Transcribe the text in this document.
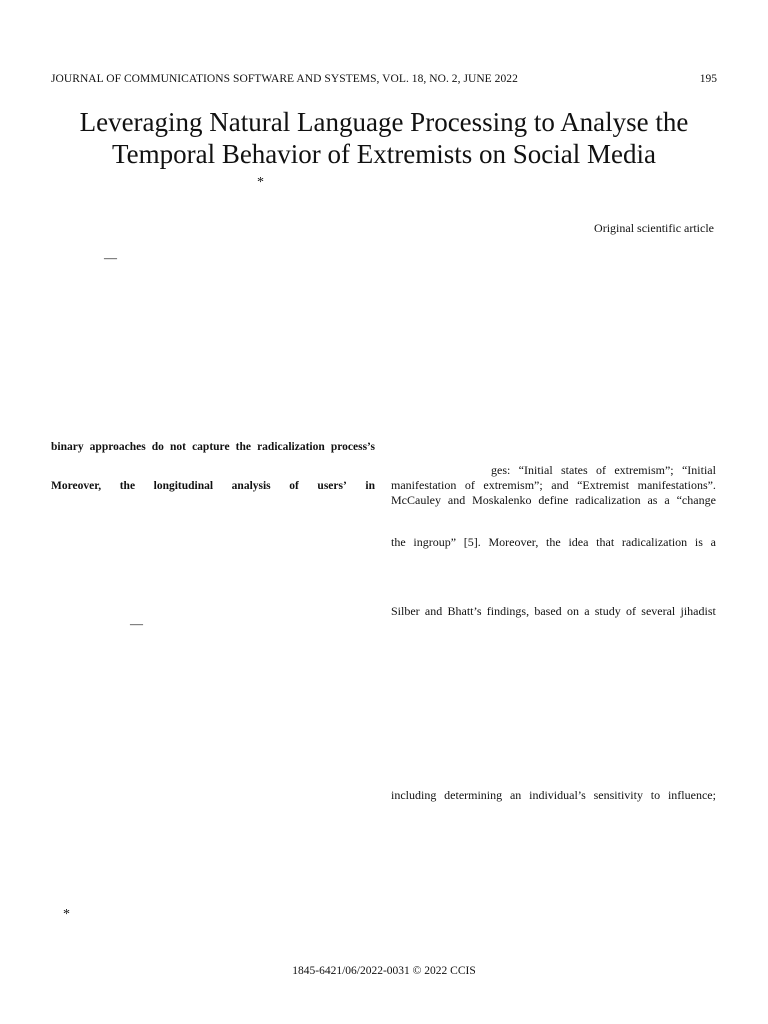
JOURNAL OF COMMUNICATIONS SOFTWARE AND SYSTEMS, VOL. 18, NO. 2, JUNE 2022	195
Leveraging Natural Language Processing to Analyse the
Temporal Behavior of Extremists on Social Media
*
Original scientific article
—
—
binary approaches do not capture the radicalization process’s
Moreover, the longitudinal analysis of users’ in
ges: “Initial states of extremism”; “Initial
manifestation of extremism”; and “Extremist manifestations”.
McCauley and Moskalenko define radicalization as a “change
the ingroup” [5]. Moreover, the idea that radicalization is a
Silber and Bhatt’s findings, based on a study of several jihadist
including determining an individual’s sensitivity to influence;
*
1845-6421/06/2022-0031 © 2022 CCIS
